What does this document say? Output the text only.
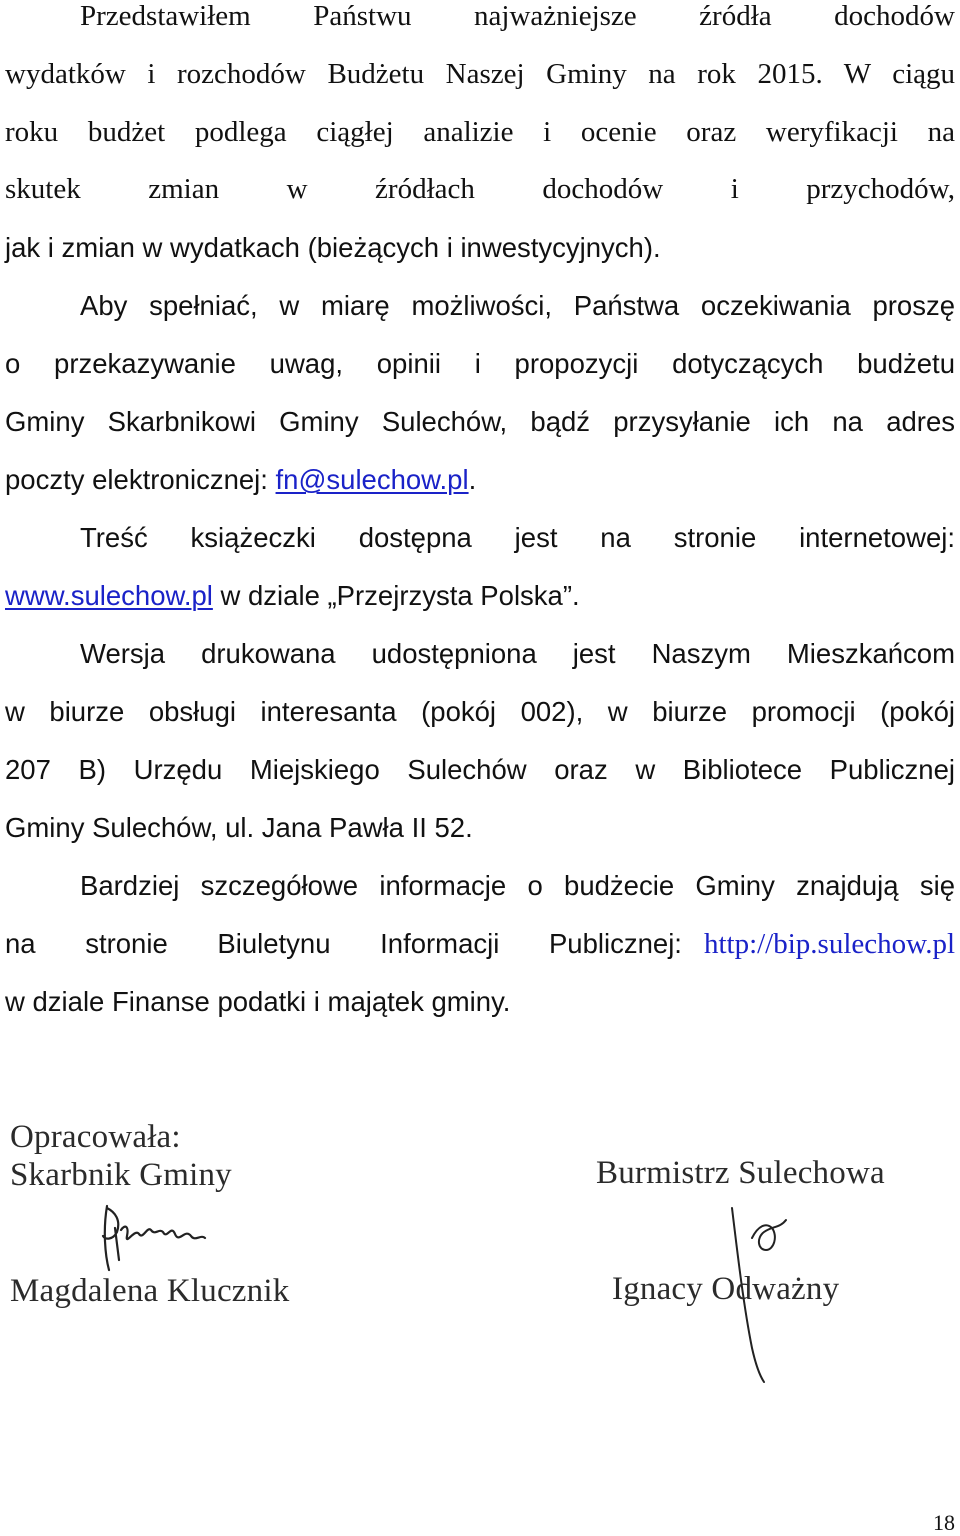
Przedstawiłem Państwu najważniejsze źródła dochodów
wydatków i rozchodów Budżetu Naszej Gminy na rok 2015. W ciągu
roku budżet podlega ciągłej analizie i ocenie oraz weryfikacji na
skutek zmian w źródłach dochodów i przychodów,
jak i zmian w wydatkach (bieżących i inwestycyjnych).
Aby spełniać, w miarę możliwości, Państwa oczekiwania proszę
o przekazywanie uwag, opinii i propozycji dotyczących budżetu
Gminy Skarbnikowi Gminy Sulechów, bądź przysyłanie ich na adres
poczty elektronicznej: fn@sulechow.pl.
Treść książeczki dostępna jest na stronie internetowej:
www.sulechow.pl w dziale „Przejrzysta Polska”.
Wersja drukowana udostępniona jest Naszym Mieszkańcom
w biurze obsługi interesanta (pokój 002), w biurze promocji (pokój
207 B) Urzędu Miejskiego Sulechów oraz w Bibliotece Publicznej
Gminy Sulechów, ul. Jana Pawła II 52.
Bardziej szczegółowe informacje o budżecie Gminy znajdują się
na stronie Biuletynu Informacji Publicznej: http://bip.sulechow.pl
w dziale Finanse podatki i majątek gminy.
Opracowała:
Skarbnik Gminy
Magdalena Klucznik
Burmistrz Sulechowa
Ignacy Odważny
18
